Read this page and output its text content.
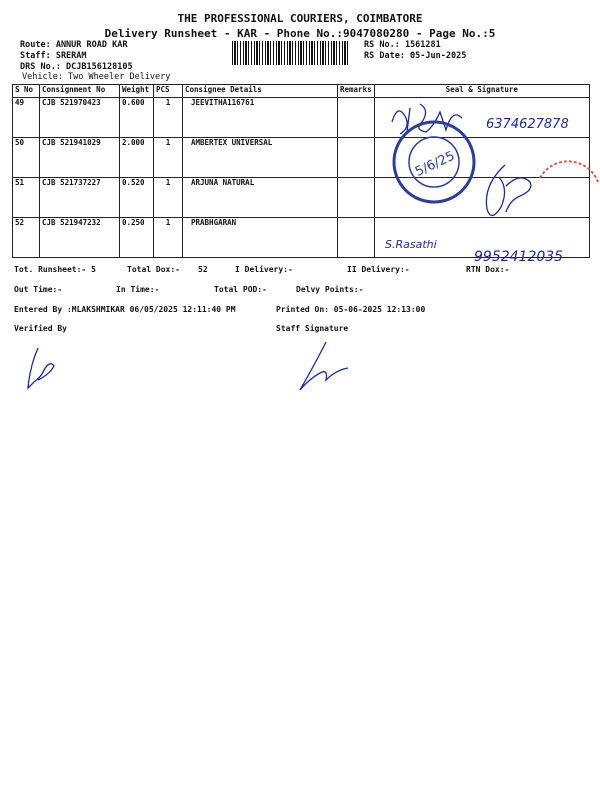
THE PROFESSIONAL COURIERS, COIMBATORE
Delivery Runsheet - KAR - Phone No.:9047080280 - Page No.:5
Route: ANNUR ROAD KAR
Staff: SRERAM
DRS No.: DCJB156128105
Vehicle: Two Wheeler Delivery
RS No.: 1561281
RS Date: 05-Jun-2025
S No	Consignment No	Weight	PCS	Consignee Details	Remarks	Seal & Signature
49	CJB 521970423	0.600	1	JEEVITHA116761		
50	CJB 521941029	2.000	1	AMBERTEX UNIVERSAL		
51	CJB 521737227	0.520	1	ARJUNA NATURAL		
52	CJB 521947232	0.250	1	PRABHGARAN		
6374627878
5/6/25
S.Rasathi
9952412035
Tot. Runsheet:- 5	Total Dox:- 52	I Delivery:-	II Delivery:-	RTN Dox:-
Out Time:-	In Time:-	Total POD:-	Delvy Points:-
Entered By :MLAKSHMIKAR 06/05/2025 12:11:40 PM	Printed On: 05-06-2025 12:13:00
Verified By	Staff Signature
